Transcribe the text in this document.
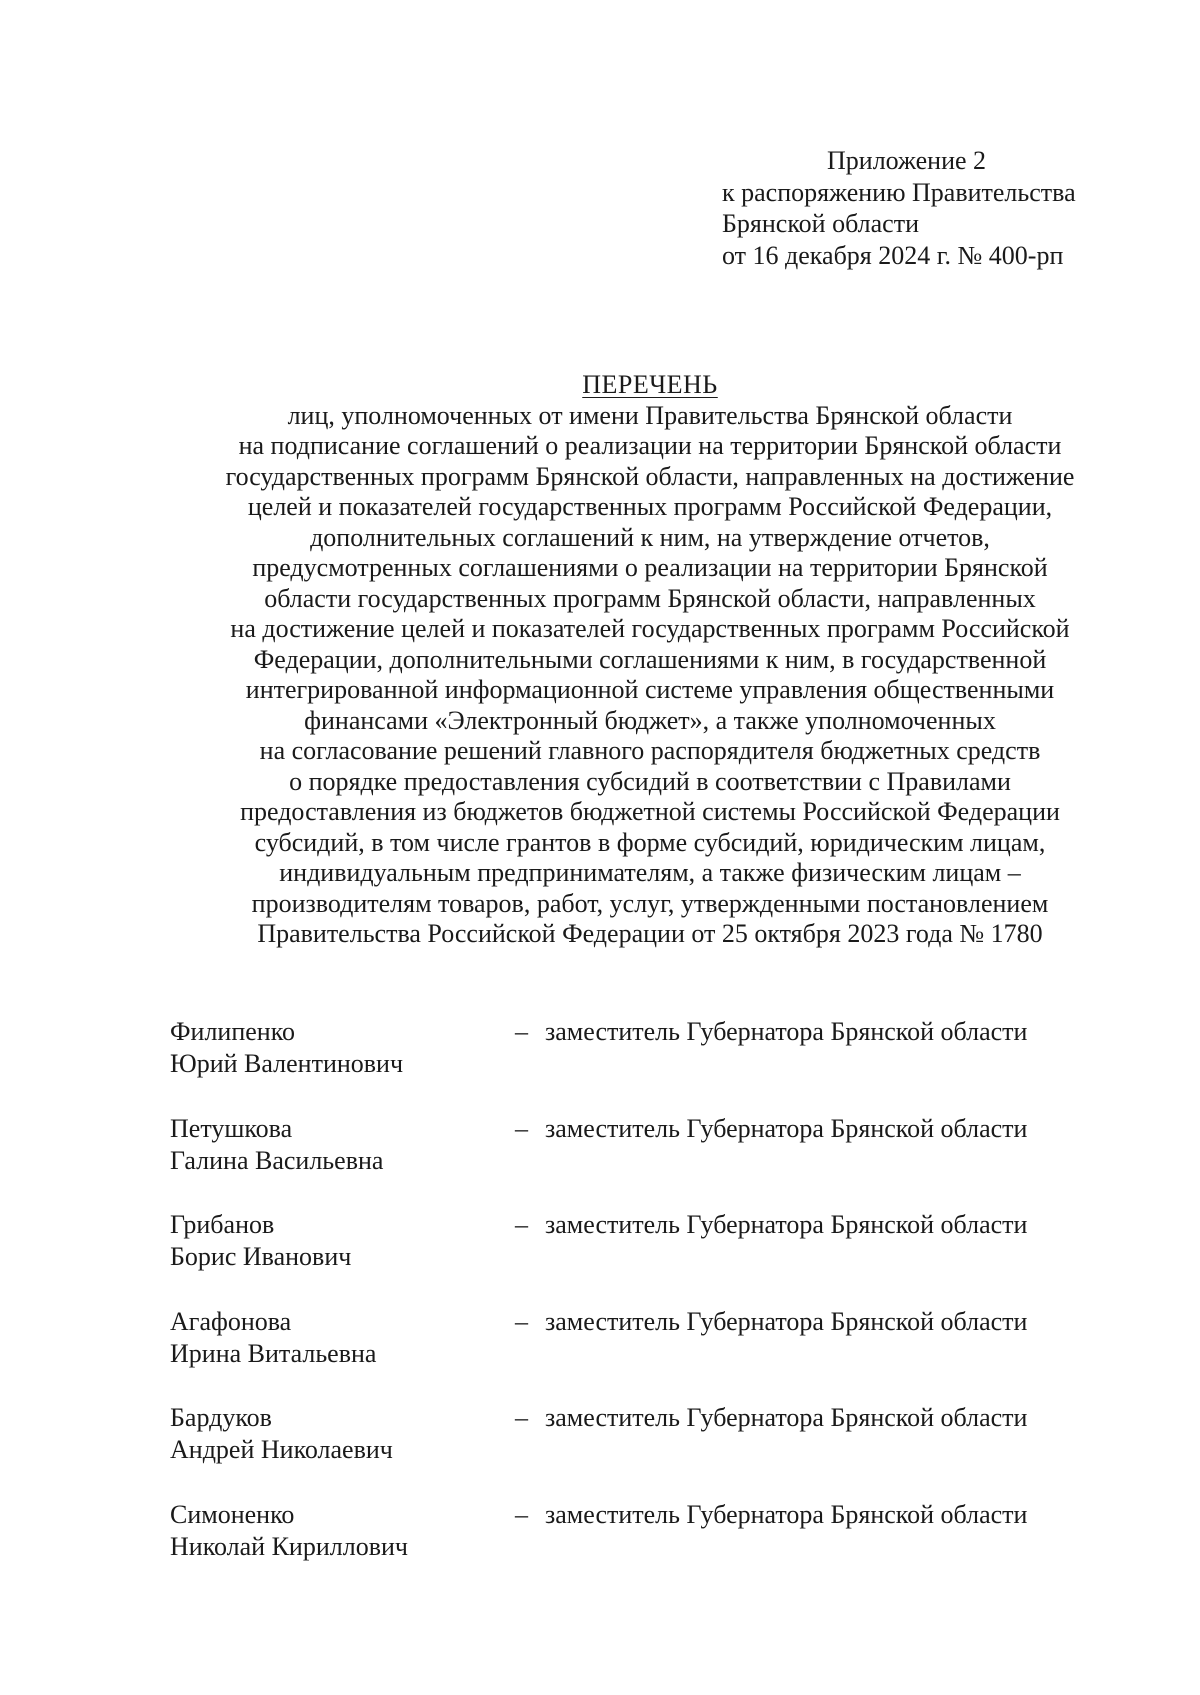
Приложение 2
к распоряжению Правительства
Брянской области
от 16 декабря 2024 г. № 400-рп
ПЕРЕЧЕНЬ
лиц, уполномоченных от имени Правительства Брянской области
на подписание соглашений о реализации на территории Брянской области
государственных программ Брянской области, направленных на достижение
целей и показателей государственных программ Российской Федерации,
дополнительных соглашений к ним, на утверждение отчетов,
предусмотренных соглашениями о реализации на территории Брянской
области государственных программ Брянской области, направленных
на достижение целей и показателей государственных программ Российской
Федерации, дополнительными соглашениями к ним, в государственной
интегрированной информационной системе управления общественными
финансами «Электронный бюджет», а также уполномоченных
на согласование решений главного распорядителя бюджетных средств
о порядке предоставления субсидий в соответствии с Правилами
предоставления из бюджетов бюджетной системы Российской Федерации
субсидий, в том числе грантов в форме субсидий, юридическим лицам,
индивидуальным предпринимателям, а также физическим лицам –
производителям товаров, работ, услуг, утвержденными постановлением
Правительства Российской Федерации от 25 октября 2023 года № 1780
Филипенко
Юрий Валентинович
– заместитель Губернатора Брянской области
Петушкова
Галина Васильевна
– заместитель Губернатора Брянской области
Грибанов
Борис Иванович
– заместитель Губернатора Брянской области
Агафонова
Ирина Витальевна
– заместитель Губернатора Брянской области
Бардуков
Андрей Николаевич
– заместитель Губернатора Брянской области
Симоненко
Николай Кириллович
– заместитель Губернатора Брянской области
